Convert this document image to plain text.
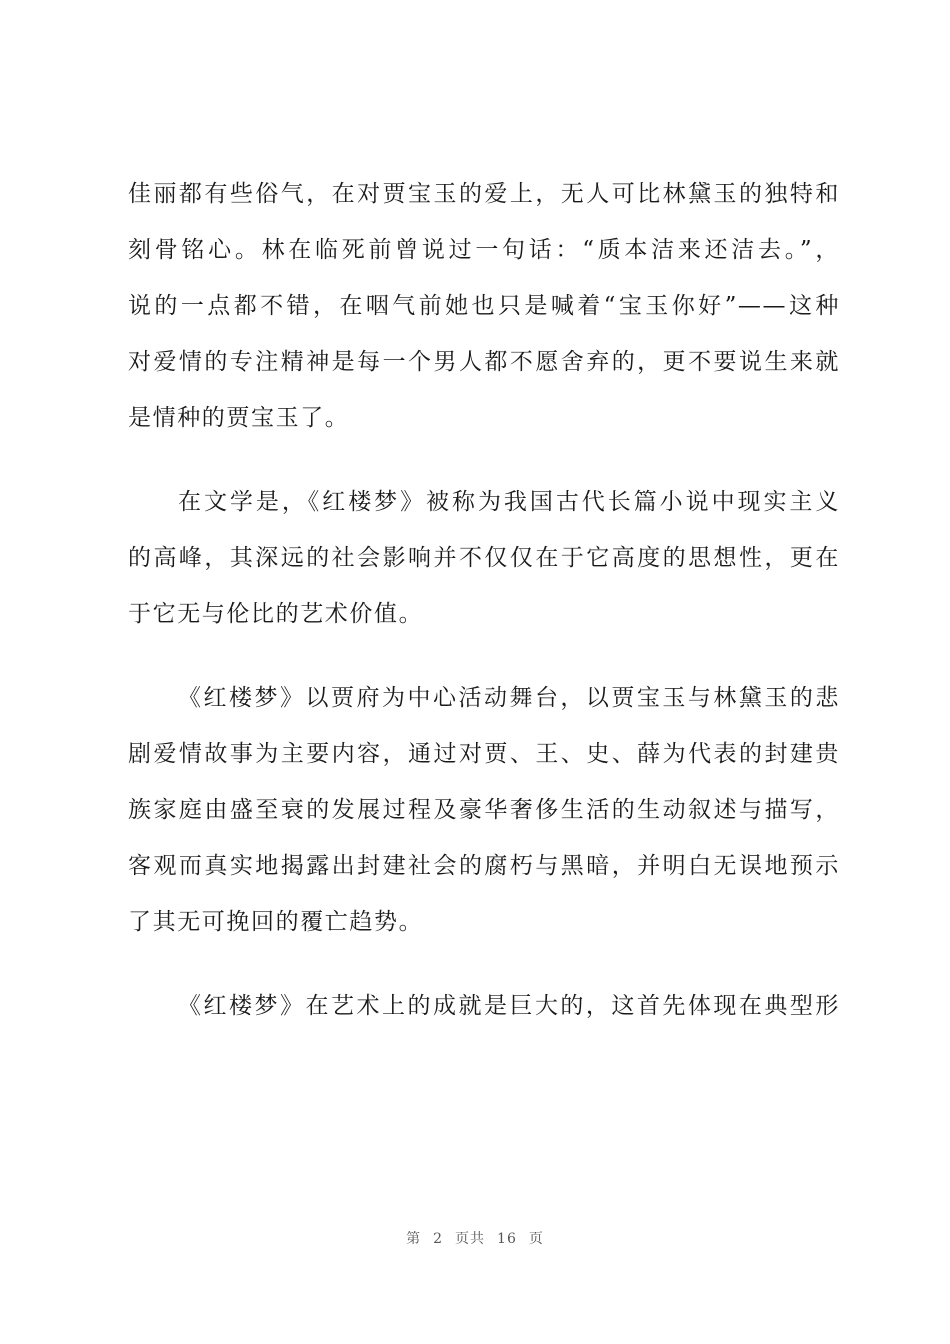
佳丽都有些俗气，在对贾宝玉的爱上，无人可比林黛玉的独特和
刻骨铭心。林在临死前曾说过一句话：“质本洁来还洁去。”，
说的一点都不错，在咽气前她也只是喊着“宝玉你好”——这种
对爱情的专注精神是每一个男人都不愿舍弃的，更不要说生来就
是情种的贾宝玉了。
在文学是，《红楼梦》被称为我国古代长篇小说中现实主义
的高峰，其深远的社会影响并不仅仅在于它高度的思想性，更在
于它无与伦比的艺术价值。
《红楼梦》以贾府为中心活动舞台，以贾宝玉与林黛玉的悲
剧爱情故事为主要内容，通过对贾、王、史、薛为代表的封建贵
族家庭由盛至衰的发展过程及豪华奢侈生活的生动叙述与描写，
客观而真实地揭露出封建社会的腐朽与黑暗，并明白无误地预示
了其无可挽回的覆亡趋势。
《红楼梦》在艺术上的成就是巨大的，这首先体现在典型形
第 2 页共 16 页
